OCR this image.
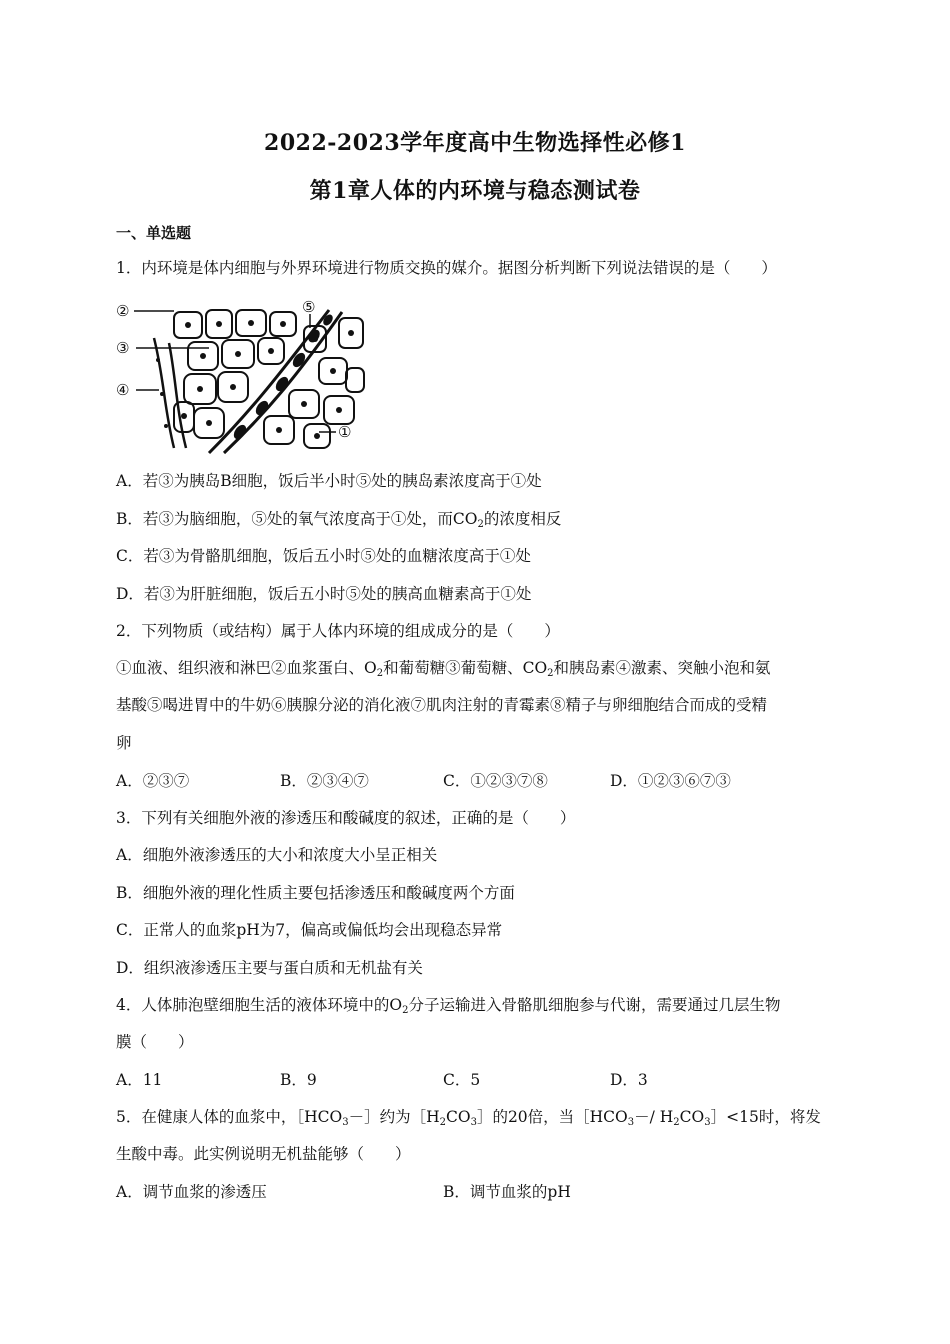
2022-2023学年度高中生物选择性必修1
第1章人体的内环境与稳态测试卷
一、单选题
1．内环境是体内细胞与外界环境进行物质交换的媒介。据图分析判断下列说法错误的是（　　）
②
③
④
⑤
①
A．若③为胰岛B细胞，饭后半小时⑤处的胰岛素浓度高于①处
B．若③为脑细胞，⑤处的氧气浓度高于①处，而$CO_2$的浓度相反
C．若③为骨骼肌细胞，饭后五小时⑤处的血糖浓度高于①处
D．若③为肝脏细胞，饭后五小时⑤处的胰高血糖素高于①处
2．下列物质（或结构）属于人体内环境的组成成分的是（　　）
①血液、组织液和淋巴②血浆蛋白、$O_2$和葡萄糖③葡萄糖、$CO_2$和胰岛素④激素、突触小泡和氨
基酸⑤喝进胃中的牛奶⑥胰腺分泌的消化液⑦肌肉注射的青霉素⑧精子与卵细胞结合而成的受精
卵
A．②③⑦	B．②③④⑦	C．①②③⑦⑧	D．①②③⑥⑦③
3．下列有关细胞外液的渗透压和酸碱度的叙述，正确的是（　　）
A．细胞外液渗透压的大小和浓度大小呈正相关
B．细胞外液的理化性质主要包括渗透压和酸碱度两个方面
C．正常人的血浆pH为7，偏高或偏低均会出现稳态异常
D．组织液渗透压主要与蛋白质和无机盐有关
4．人体肺泡壁细胞生活的液体环境中的$O_2$分子运输进入骨骼肌细胞参与代谢，需要通过几层生物
膜（　　）
A．11	B．9	C．5	D．3
5．在健康人体的血浆中，$[HCO_3-]$约为$[H_2CO_3]$的20倍，当$[HCO_3-/$ $H_2CO_3]<15$时，将发
生酸中毒。此实例说明无机盐能够（　　）
A．调节血浆的渗透压	B．调节血浆的pH
